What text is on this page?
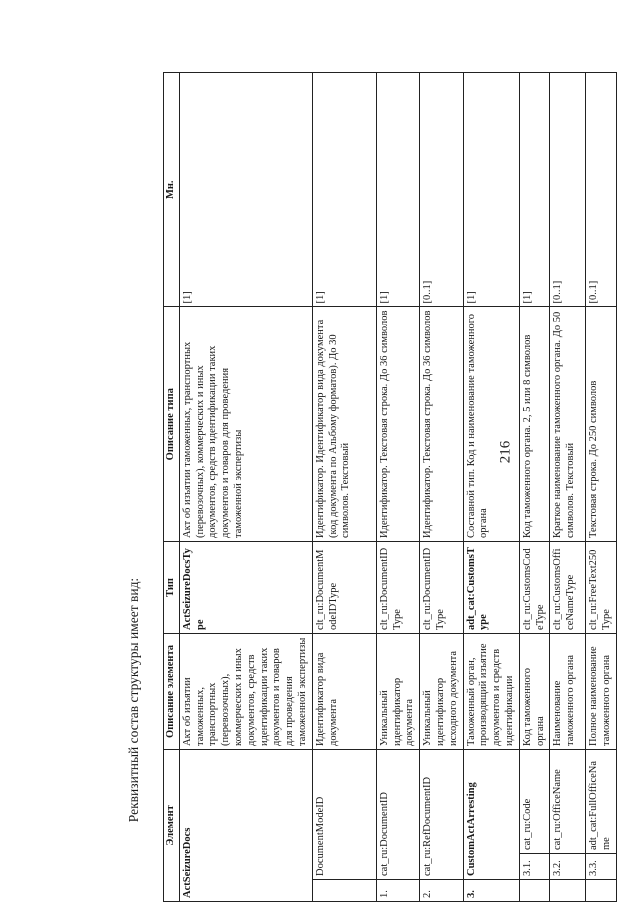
216
Реквизитный состав структуры имеет вид:
Элемент			Описание элемента	Тип	Описание типа	Мн.
ActSeizureDocs			Акт об изъятии таможенных, транспортных (перевозочных), коммерческих и иных документов, средств идентификации таких документов и товаров для проведения таможенной экспертизы	ActSeizureDocsType	Акт об изъятии таможенных, транспортных (перевозочных), коммерческих и иных документов, средств идентификации таких документов и товаров для проведения таможенной экспертизы	[1]
	DocumentModeID		Идентификатор вида документа	clt_ru:DocumentModeIDType	Идентификатор. Идентификатор вида документа (код документа по Альбому форматов). До 30 символов. Текстовый	[1]
1.	cat_ru:DocumentID		Уникальный идентификатор документа	clt_ru:DocumentIDType	Идентификатор. Текстовая строка. До 36 символов	[1]
2.	cat_ru:RefDocumentID		Уникальный идентификатор исходного документа	clt_ru:DocumentIDType	Идентификатор. Текстовая строка. До 36 символов	[0..1]
3.	CustomActArresting		Таможенный орган, производящий изъятие документов и средств идентификации	adt_cat:CustomsType	Составной тип. Код и наименование таможенного органа	[1]
	3.1.	cat_ru:Code	Код таможенного органа	clt_ru:CustomsCodeType	Код таможенного органа. 2, 5 или 8 символов	[1]
	3.2.	cat_ru:OfficeName	Наименование таможенного органа	clt_ru:CustomsOfficeNameType	Краткое наименование таможенного органа. До 50 символов. Текстовый	[0..1]
	3.3.	adt_cat:FullOfficeName	Полное наименование таможенного органа	clt_ru:FreeText250Type	Текстовая строка. До 250 символов	[0..1]
